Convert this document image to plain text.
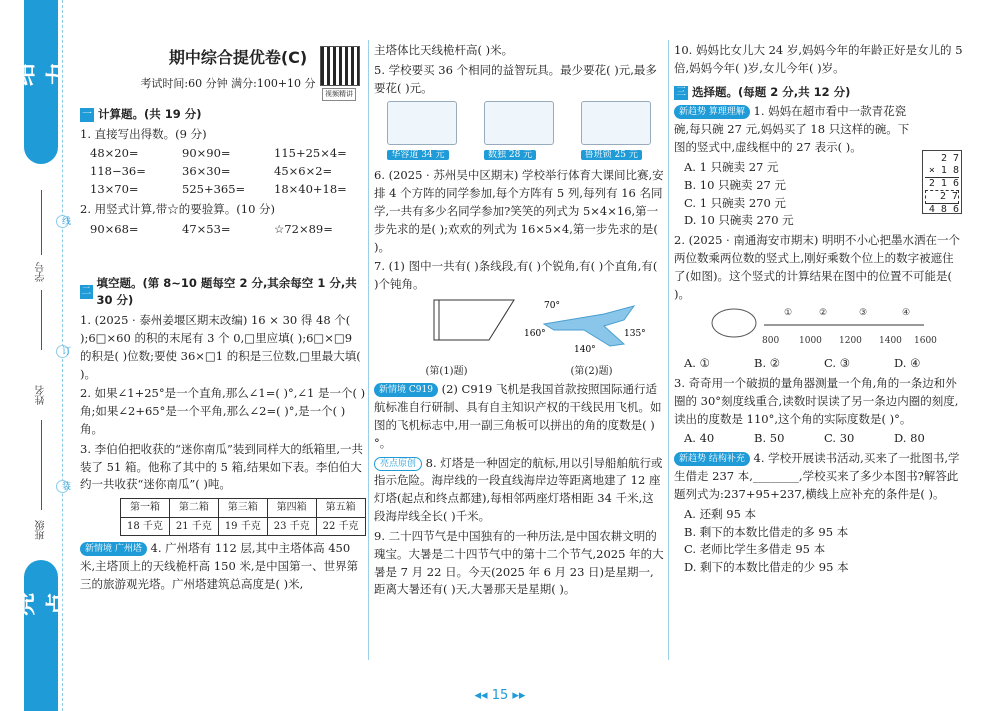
给 力
学号
姓名
班级
线
订
装
亮 点
期中综合提优卷(C)
考试时间:60 分钟 满分:100+10 分
视频精讲
一 计算题。(共 19 分)
1. 直接写出得数。(9 分)
48×20=	90×90=	115+25×4=
118−36=	36×30=	45×6×2=
13×70=	525+365=	18×40+18=
2. 用竖式计算,带☆的要验算。(10 分)
90×68=	47×53=	☆72×89=
二
填空题。(第 8~10 题每空 2 分,其余每空 1 分,共 30 分)
1. (2025 · 泰州姜堰区期末改编) 16 × 30 得 48 个( );6□×60 的积的末尾有 3 个 0,□里应填( );6□×□9 的积是( )位数;要使 36×□1 的积是三位数,□里最大填( )。
2. 如果∠1+25°是一个直角,那么∠1=( )°,∠1 是一个( )角;如果∠2+65°是一个平角,那么∠2=( )°,是一个( )角。
3. 李伯伯把收获的“迷你南瓜”装到同样大的纸箱里,一共装了 51 箱。他称了其中的 5 箱,结果如下表。李伯伯大约一共收获“迷你南瓜”( )吨。
第一箱	第二箱	第三箱	第四箱	第五箱
18 千克	21 千克	19 千克	23 千克	22 千克
新情境 广州塔 4. 广州塔有 112 层,其中主塔体高 450 米,主塔顶上的天线桅杆高 150 米,是中国第一、世界第三的旅游观光塔。广州塔建筑总高度是( )米,
主塔体比天线桅杆高( )米。
5. 学校要买 36 个相同的益智玩具。最少要花( )元,最多要花( )元。
华容道 34 元	数独 28 元	鲁班锁 25 元
6. (2025 · 苏州吴中区期末) 学校举行体育大课间比赛,安排 4 个方阵的同学参加,每个方阵有 5 列,每列有 16 名同学,一共有多少名同学参加?笑笑的列式为 5×4×16,第一步先求的是( );欢欢的列式为 16×5×4,第一步先求的是( )。
7. (1) 图中一共有( )条线段,有( )个锐角,有( )个直角,有( )个钝角。
70°
160°	135°
140°
(第(1)题)	(第(2)题)
新情境 C919 (2) C919 飞机是我国首款按照国际通行适航标准自行研制、具有自主知识产权的干线民用飞机。如图的飞机标志中,用一副三角板可以拼出的角的度数是( )°。
亮点原创 8. 灯塔是一种固定的航标,用以引导船舶航行或指示危险。海岸线的一段直线海岸边等距离地建了 12 座灯塔(起点和终点都建),每相邻两座灯塔相距 34 千米,这段海岸线全长( )千米。
9. 二十四节气是中国独有的一种历法,是中国农耕文明的瑰宝。大暑是二十四节气中的第十二个节气,2025 年的大暑是 7 月 22 日。今天(2025 年 6 月 23 日)是星期一,距离大暑还有( )天,大暑那天是星期( )。
10. 妈妈比女儿大 24 岁,妈妈今年的年龄正好是女儿的 5 倍,妈妈今年( )岁,女儿今年( )岁。
三 选择题。(每题 2 分,共 12 分)
新趋势 算理理解 1. 妈妈在超市看中一款青花瓷碗,每只碗 27 元,妈妈买了 18 只这样的碗。下图的竖式中,虚线框中的 27 表示( )。
A. 1 只碗卖 27 元
B. 10 只碗卖 27 元
C. 1 只碗卖 270 元
D. 10 只碗卖 270 元
2. (2025 · 南通海安市期末) 明明不小心把墨水洒在一个两位数乘两位数的竖式上,刚好乘数个位上的数字被遮住了(如图)。这个竖式的计算结果在图中的位置不可能是( )。
800 1000 1200 1400 1600
①	②	③	④
A. ①	B. ②	C. ③	D. ④
3. 奇奇用一个破损的量角器测量一个角,角的一条边和外圈的 30°刻度线重合,读数时误读了另一条边内圈的刻度,读出的度数是 110°,这个角的实际度数是( )°。
A. 40	B. 50	C. 30	D. 80
新趋势 结构补充 4. 学校开展读书活动,买来了一批图书,学生借走 237 本,________,学校买来了多少本图书?解答此题列式为:237+95+237,横线上应补充的条件是( )。
A. 还剩 95 本
B. 剩下的本数比借走的多 95 本
C. 老师比学生多借走 95 本
D. 剩下的本数比借走的少 95 本
2 7
× 1 8
2 1 6
2 7
4 8 6
◂◂ 15 ▸▸
